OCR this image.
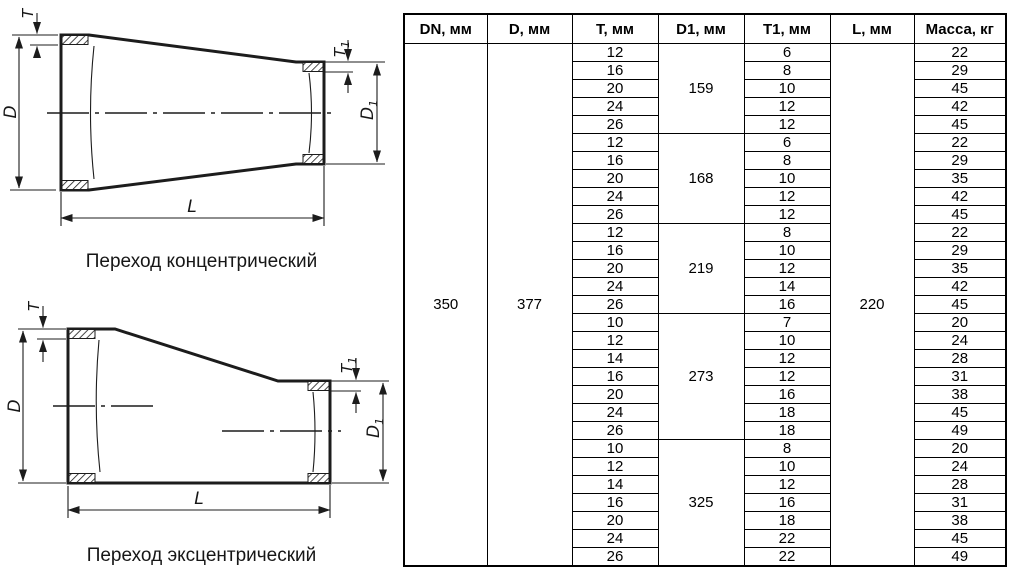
D
T
$T_1$
$D_1$
L
T
D
$T_1$
$D_1$
L
Переход концентрический
Переход эксцентрический
DN, мм	D, мм	T, мм	D1, мм	T1, мм	L, мм	Масса, кг
350	377	12	159	6	220	22
		16		8		29
		20		10		45
		24		12		42
		26		12		45
		12	168	6		22
		16		8		29
		20		10		35
		24		12		42
		26		12		45
		12	219	8		22
		16		10		29
		20		12		35
		24		14		42
		26		16		45
		10	273	7		20
		12		10		24
		14		12		28
		16		12		31
		20		16		38
		24		18		45
		26		18		49
		10	325	8		20
		12		10		24
		14		12		28
		16		16		31
		20		18		38
		24		22		45
		26		22		49
